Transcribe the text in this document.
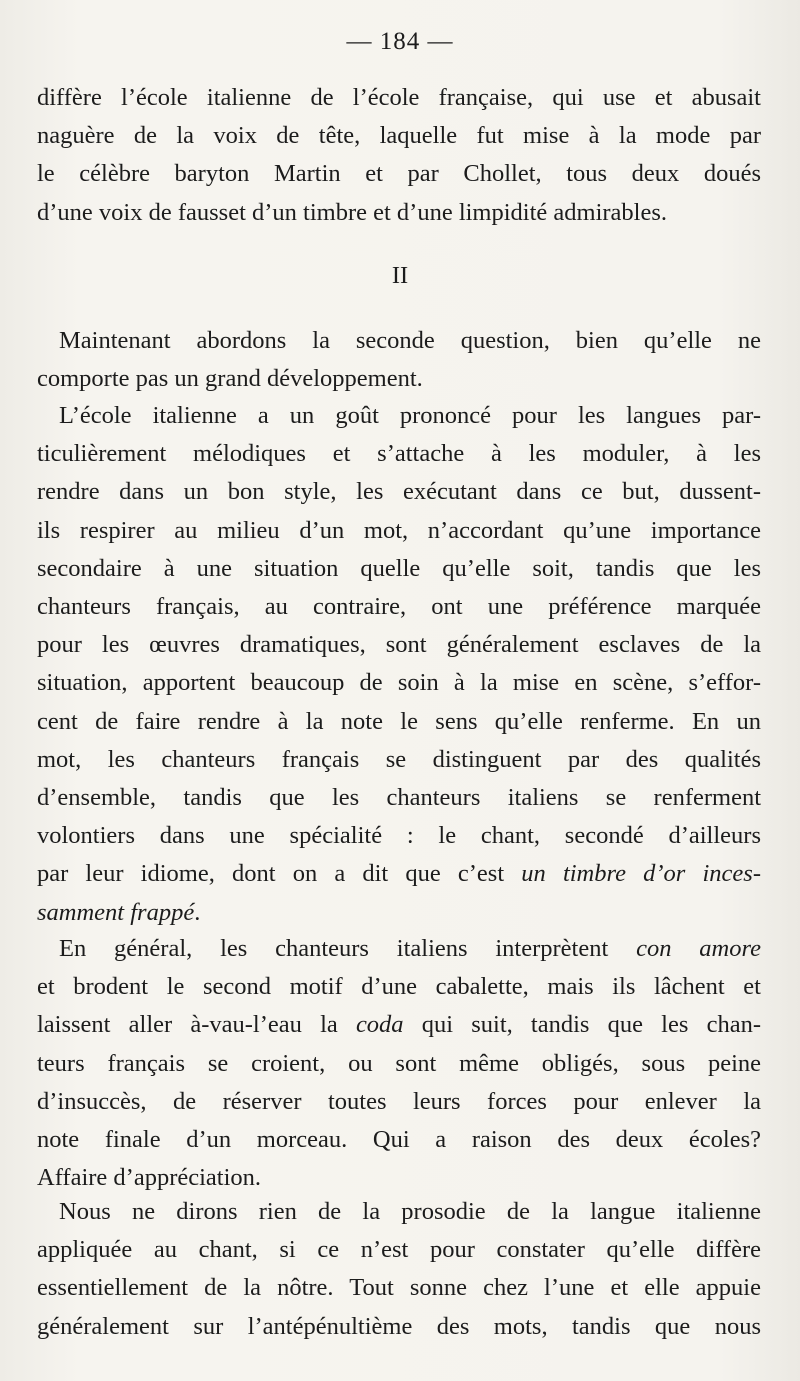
— 184 —

diffère l’école italienne de l’école française, qui use et abusait

naguère de la voix de tête, laquelle fut mise à la mode par

le célèbre baryton Martin et par Chollet, tous deux doués

d’une voix de fausset d’un timbre et d’une limpidité admirables.

II

Maintenant abordons la seconde question, bien qu’elle ne

comporte pas un grand développement.

L’école italienne a un goût prononcé pour les langues par-

ticulièrement mélodiques et s’attache à les moduler, à les

rendre dans un bon style, les exécutant dans ce but, dussent-

ils respirer au milieu d’un mot, n’accordant qu’une importance

secondaire à une situation quelle qu’elle soit, tandis que les

chanteurs français, au contraire, ont une préférence marquée

pour les œuvres dramatiques, sont généralement esclaves de la

situation, apportent beaucoup de soin à la mise en scène, s’effor-

cent de faire rendre à la note le sens qu’elle renferme. En un

mot, les chanteurs français se distinguent par des qualités

d’ensemble, tandis que les chanteurs italiens se renferment

volontiers dans une spécialité : le chant, secondé d’ailleurs

par leur idiome, dont on a dit que c’est un timbre d’or inces-

samment frappé.

En général, les chanteurs italiens interprètent con amore

et brodent le second motif d’une cabalette, mais ils lâchent et

laissent aller à-vau-l’eau la coda qui suit, tandis que les chan-

teurs français se croient, ou sont même obligés, sous peine

d’insuccès, de réserver toutes leurs forces pour enlever la

note finale d’un morceau. Qui a raison des deux écoles?

Affaire d’appréciation.

Nous ne dirons rien de la prosodie de la langue italienne

appliquée au chant, si ce n’est pour constater qu’elle diffère

essentiellement de la nôtre. Tout sonne chez l’une et elle appuie

généralement sur l’antépénultième des mots, tandis que nous
